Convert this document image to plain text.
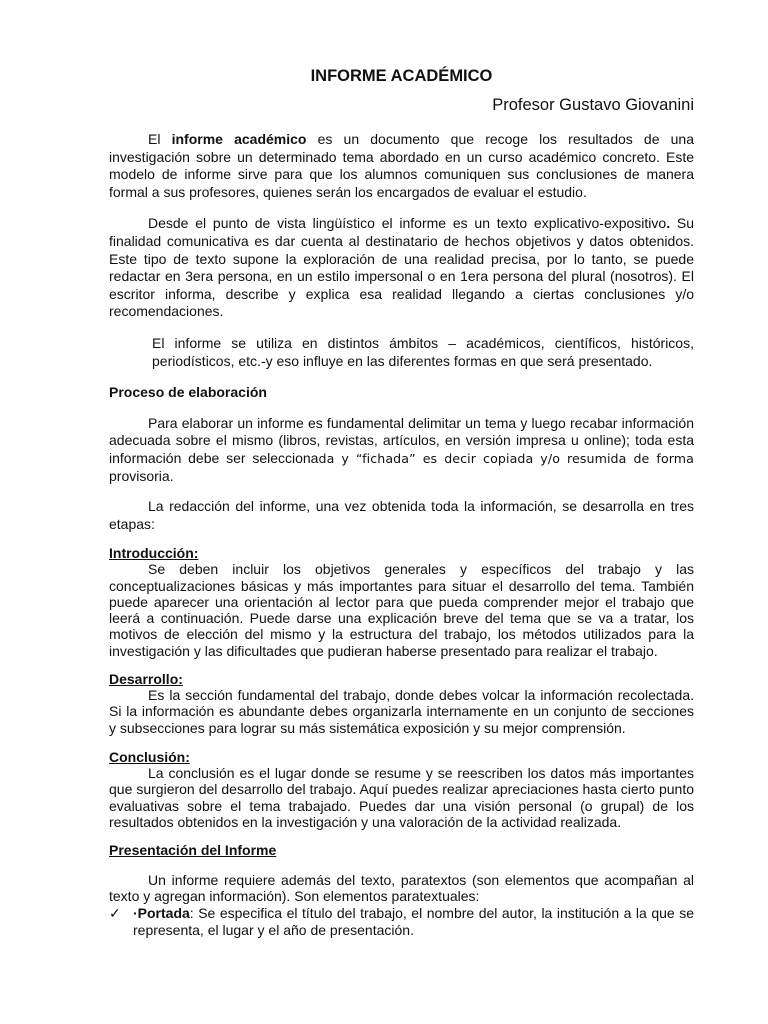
INFORME ACADÉMICO
Profesor Gustavo Giovanini

El informe académico es un documento que recoge los resultados de una investigación sobre un determinado tema abordado en un curso académico concreto. Este modelo de informe sirve para que los alumnos comuniquen sus conclusiones de manera formal a sus profesores, quienes serán los encargados de evaluar el estudio.

Desde el punto de vista lingüístico el informe es un texto explicativo-expositivo. Su finalidad comunicativa es dar cuenta al destinatario de hechos objetivos y datos obtenidos. Este tipo de texto supone la exploración de una realidad precisa, por lo tanto, se puede redactar en 3era persona, en un estilo impersonal o en 1era persona del plural (nosotros). El escritor informa, describe y explica esa realidad llegando a ciertas conclusiones y/o recomendaciones.

El informe se utiliza en distintos ámbitos – académicos, científicos, históricos, periodísticos, etc.-y eso influye en las diferentes formas en que será presentado.

Proceso de elaboración

Para elaborar un informe es fundamental delimitar un tema y luego recabar información adecuada sobre el mismo (libros, revistas, artículos, en versión impresa u online); toda esta información debe ser seleccionada y “fichada” es decir copiada y/o resumida de forma provisoria.

La redacción del informe, una vez obtenida toda la información, se desarrolla en tres etapas:

Introducción:

Se deben incluir los objetivos generales y específicos del trabajo y las conceptualizaciones básicas y más importantes para situar el desarrollo del tema. También puede aparecer una orientación al lector para que pueda comprender mejor el trabajo que leerá a continuación. Puede darse una explicación breve del tema que se va a tratar, los motivos de elección del mismo y la estructura del trabajo, los métodos utilizados para la investigación y las dificultades que pudieran haberse presentado para realizar el trabajo.

Desarrollo:

Es la sección fundamental del trabajo, donde debes volcar la información recolectada. Si la información es abundante debes organizarla internamente en un conjunto de secciones y subsecciones para lograr su más sistemática exposición y su mejor comprensión.

Conclusión:

La conclusión es el lugar donde se resume y se reescriben los datos más importantes que surgieron del desarrollo del trabajo. Aquí puedes realizar apreciaciones hasta cierto punto evaluativas sobre el tema trabajado. Puedes dar una visión personal (o grupal) de los resultados obtenidos en la investigación y una valoración de la actividad realizada.

Presentación del Informe

Un informe requiere además del texto, paratextos (son elementos que acompañan al texto y agregan información). Son elementos paratextuales:

✓ ·Portada: Se especifica el título del trabajo, el nombre del autor, la institución a la que se representa, el lugar y el año de presentación.
